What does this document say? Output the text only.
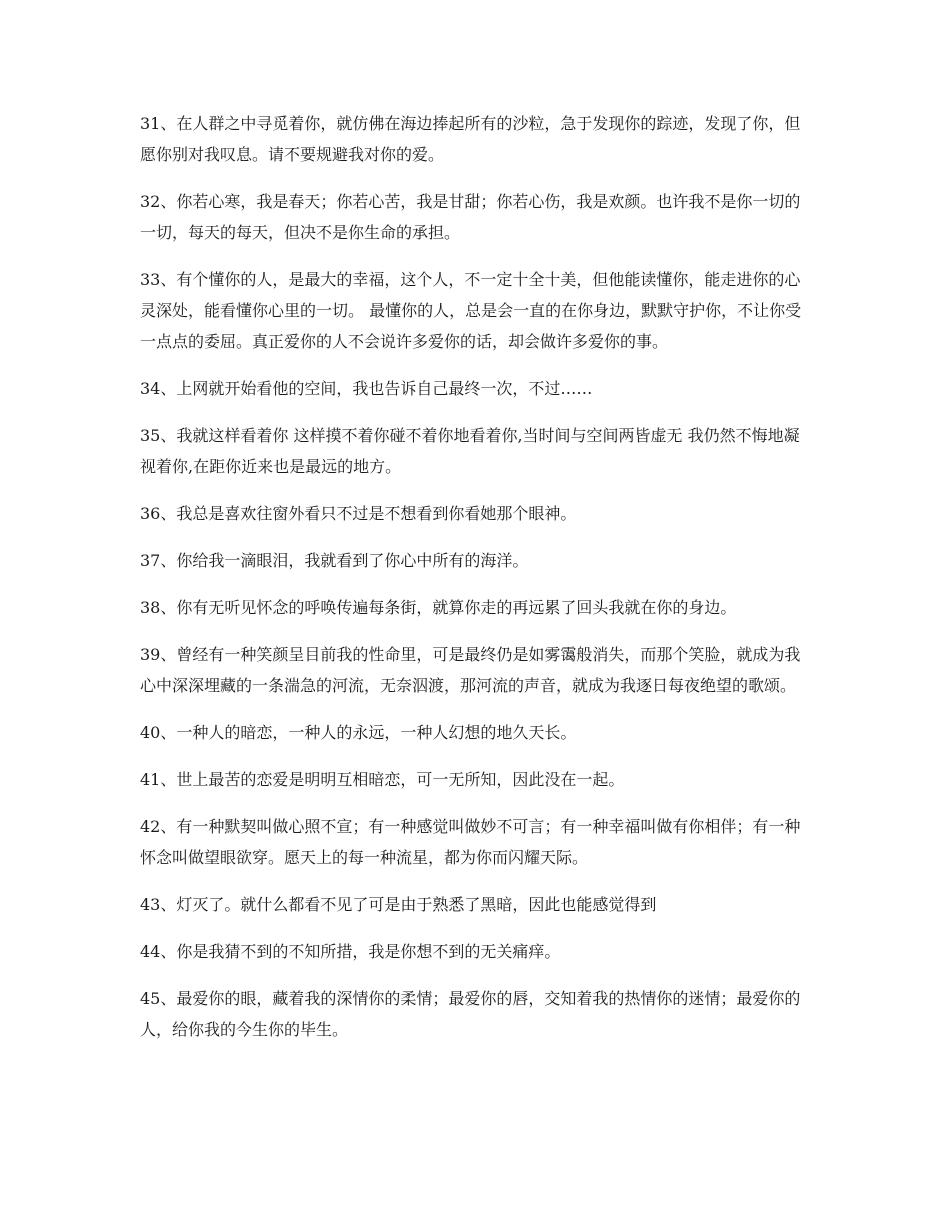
31、在人群之中寻觅着你，就仿佛在海边捧起所有的沙粒，急于发现你的踪迹，发现了你，但愿你别对我叹息。请不要规避我对你的爱。

32、你若心寒，我是春天；你若心苦，我是甘甜；你若心伤，我是欢颜。也许我不是你一切的一切，每天的每天，但决不是你生命的承担。

33、有个懂你的人，是最大的幸福，这个人，不一定十全十美，但他能读懂你，能走进你的心灵深处，能看懂你心里的一切。 最懂你的人，总是会一直的在你身边，默默守护你，不让你受一点点的委屈。真正爱你的人不会说许多爱你的话，却会做许多爱你的事。

34、上网就开始看他的空间，我也告诉自己最终一次，不过……

35、我就这样看着你 这样摸不着你碰不着你地看着你,当时间与空间两皆虚无 我仍然不悔地凝视着你,在距你近来也是最远的地方。

36、我总是喜欢往窗外看只不过是不想看到你看她那个眼神。

37、你给我一滴眼泪，我就看到了你心中所有的海洋。

38、你有无听见怀念的呼唤传遍每条街，就算你走的再远累了回头我就在你的身边。

39、曾经有一种笑颜呈目前我的性命里，可是最终仍是如雾霭般消失，而那个笑脸，就成为我心中深深埋藏的一条湍急的河流，无奈泅渡，那河流的声音，就成为我逐日每夜绝望的歌颂。

40、一种人的暗恋，一种人的永远，一种人幻想的地久天长。

41、世上最苦的恋爱是明明互相暗恋，可一无所知，因此没在一起。

42、有一种默契叫做心照不宣；有一种感觉叫做妙不可言；有一种幸福叫做有你相伴；有一种怀念叫做望眼欲穿。愿天上的每一种流星，都为你而闪耀天际。

43、灯灭了。就什么都看不见了可是由于熟悉了黑暗，因此也能感觉得到

44、你是我猜不到的不知所措，我是你想不到的无关痛痒。

45、最爱你的眼，藏着我的深情你的柔情；最爱你的唇，交知着我的热情你的迷情；最爱你的人，给你我的今生你的毕生。
